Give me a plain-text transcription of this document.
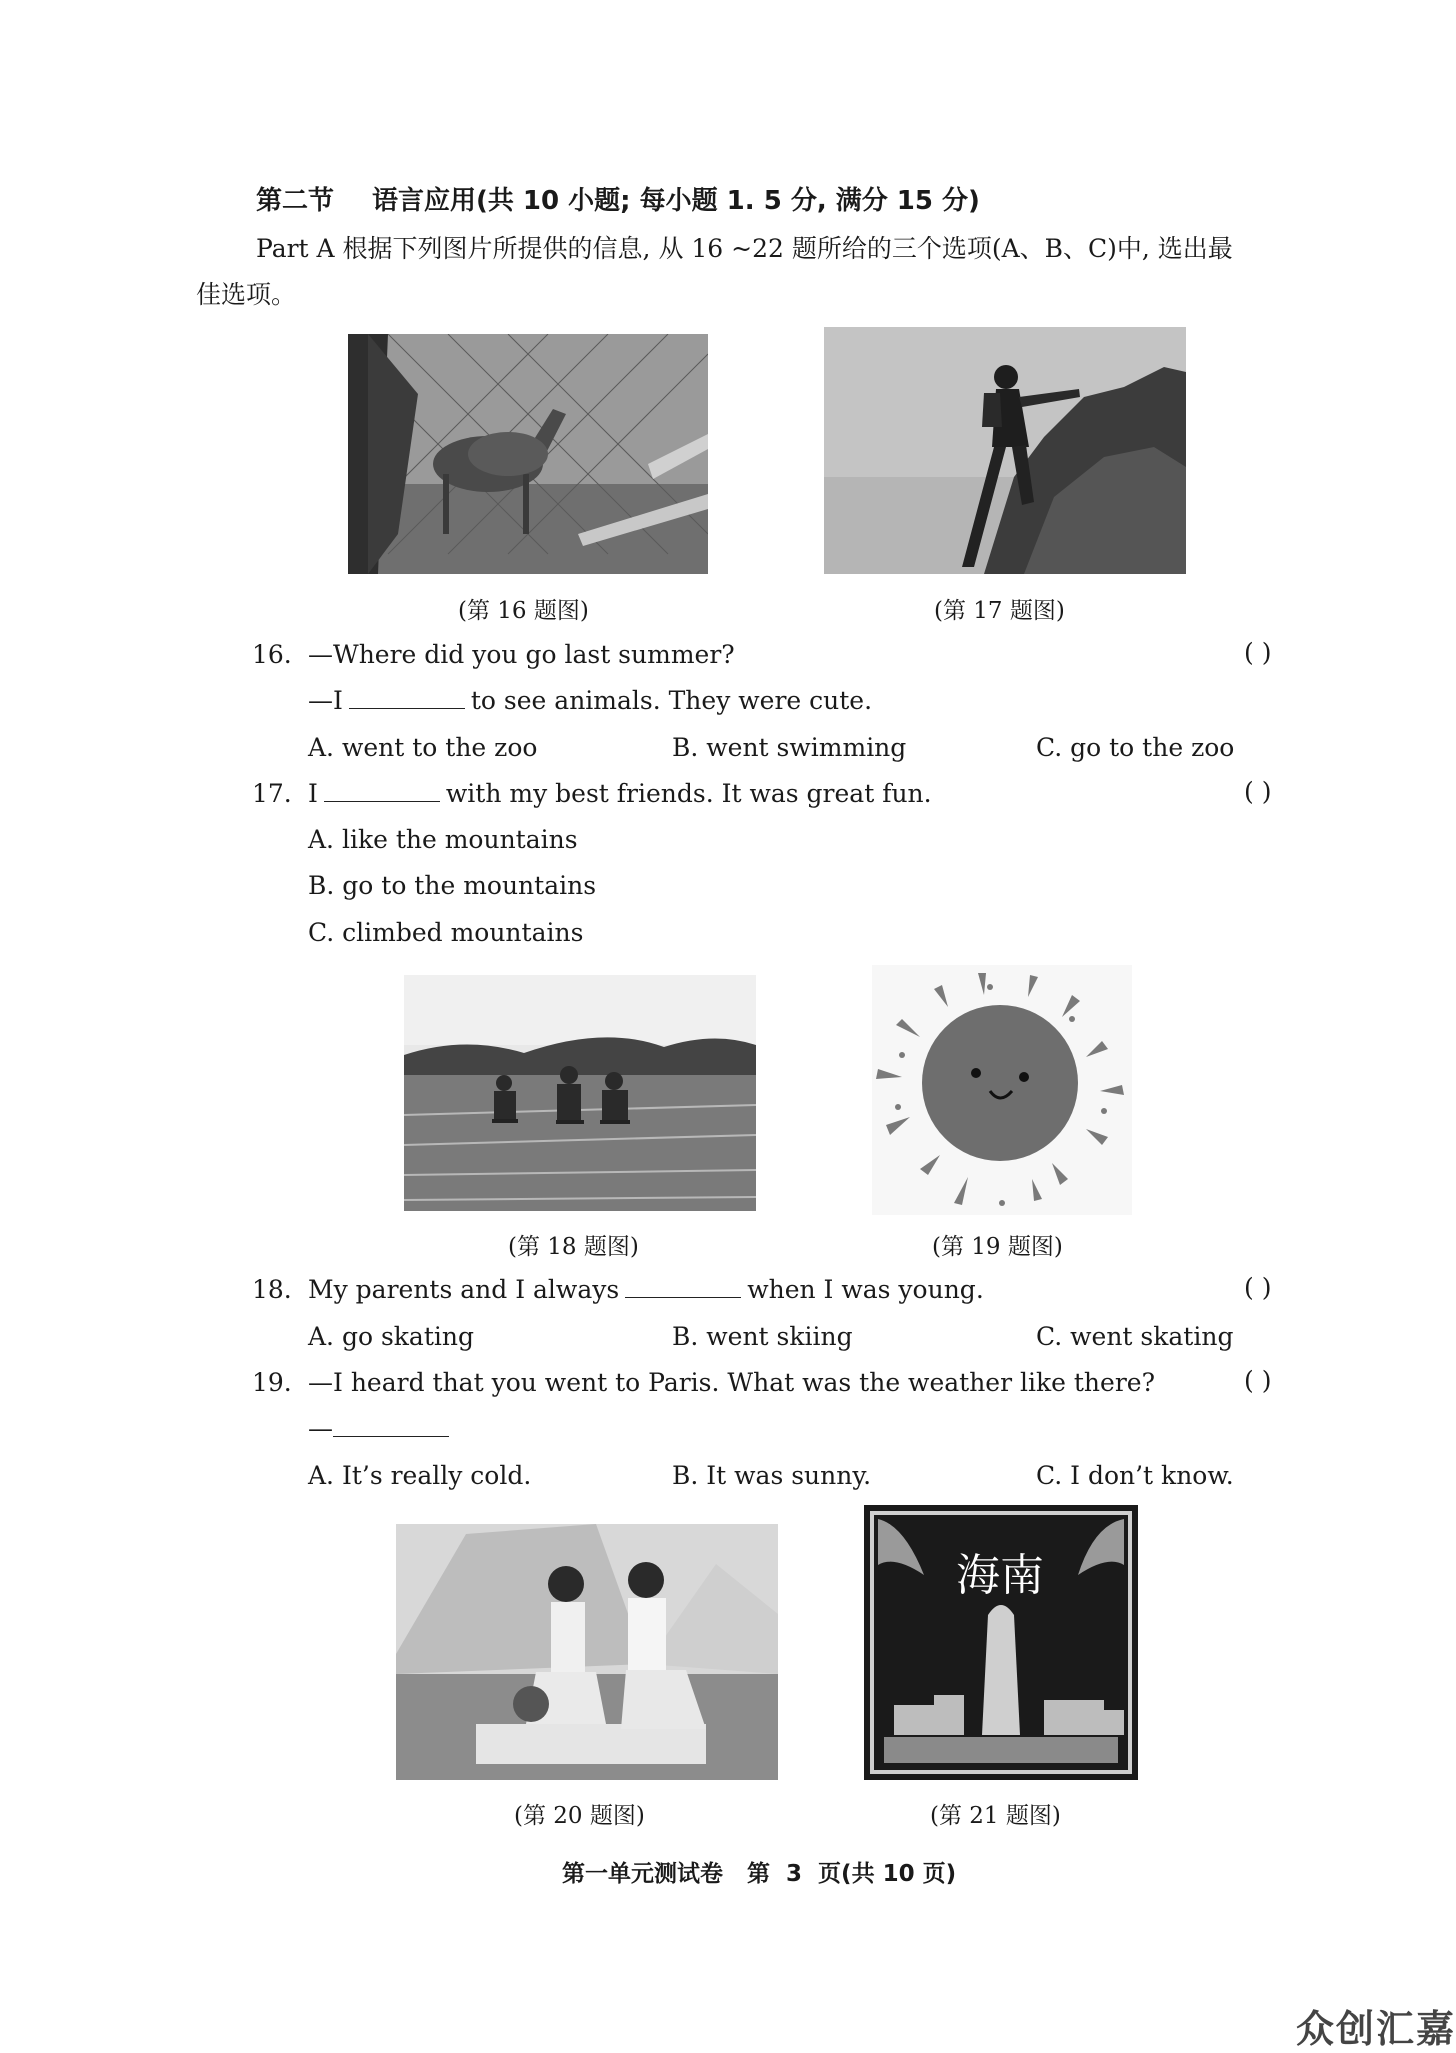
第二节 语言应用(共 10 小题; 每小题 1. 5 分, 满分 15 分)
Part A 根据下列图片所提供的信息, 从 16 ~22 题所给的三个选项(A、B、C)中, 选出最
佳选项。
(第 16 题图)	(第 17 题图)
16. —Where did you go last summer?	( )
—I	to see animals. They were cute.
A. went to the zoo	B. went swimming	C. go to the zoo
17. I	with my best friends. It was great fun.	( )
A. like the mountains
B. go to the mountains
C. climbed mountains
(第 18 题图)	(第 19 题图)
18. My parents and I always	when I was young.	( )
A. go skating	B. went skiing	C. went skating
19. —I heard that you went to Paris. What was the weather like there?	( )
—
A. It’s really cold.	B. It was sunny.	C. I don’t know.
(第 20 题图)
海南
(第 21 题图)
第一单元测试卷   第  3  页(共 10 页)
众创汇嘉
